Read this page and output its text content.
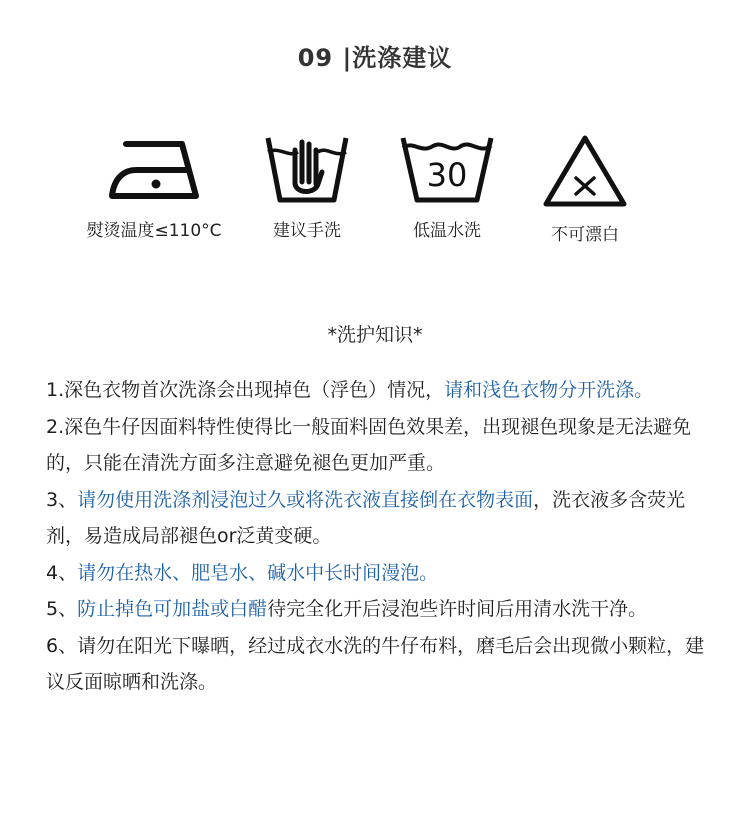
09 |洗涤建议
熨烫温度≤110°C	建议手洗
30
低温水洗	不可漂白
*洗护知识*

1.深色衣物首次洗涤会出现掉色（浮色）情况，请和浅色衣物分开洗涤。

2.深色牛仔因面料特性使得比一般面料固色效果差，出现褪色现象是无法避免的，只能在清洗方面多注意避免褪色更加严重。

3、请勿使用洗涤剂浸泡过久或将洗衣液直接倒在衣物表面，洗衣液多含荧光剂，易造成局部褪色or泛黄变硬。

4、请勿在热水、肥皂水、碱水中长时间漫泡。

5、防止掉色可加盐或白醋待完全化开后浸泡些许时间后用清水洗干净。

6、请勿在阳光下曝晒，经过成衣水洗的牛仔布料，磨毛后会出现微小颗粒，建议反面晾晒和洗涤。
